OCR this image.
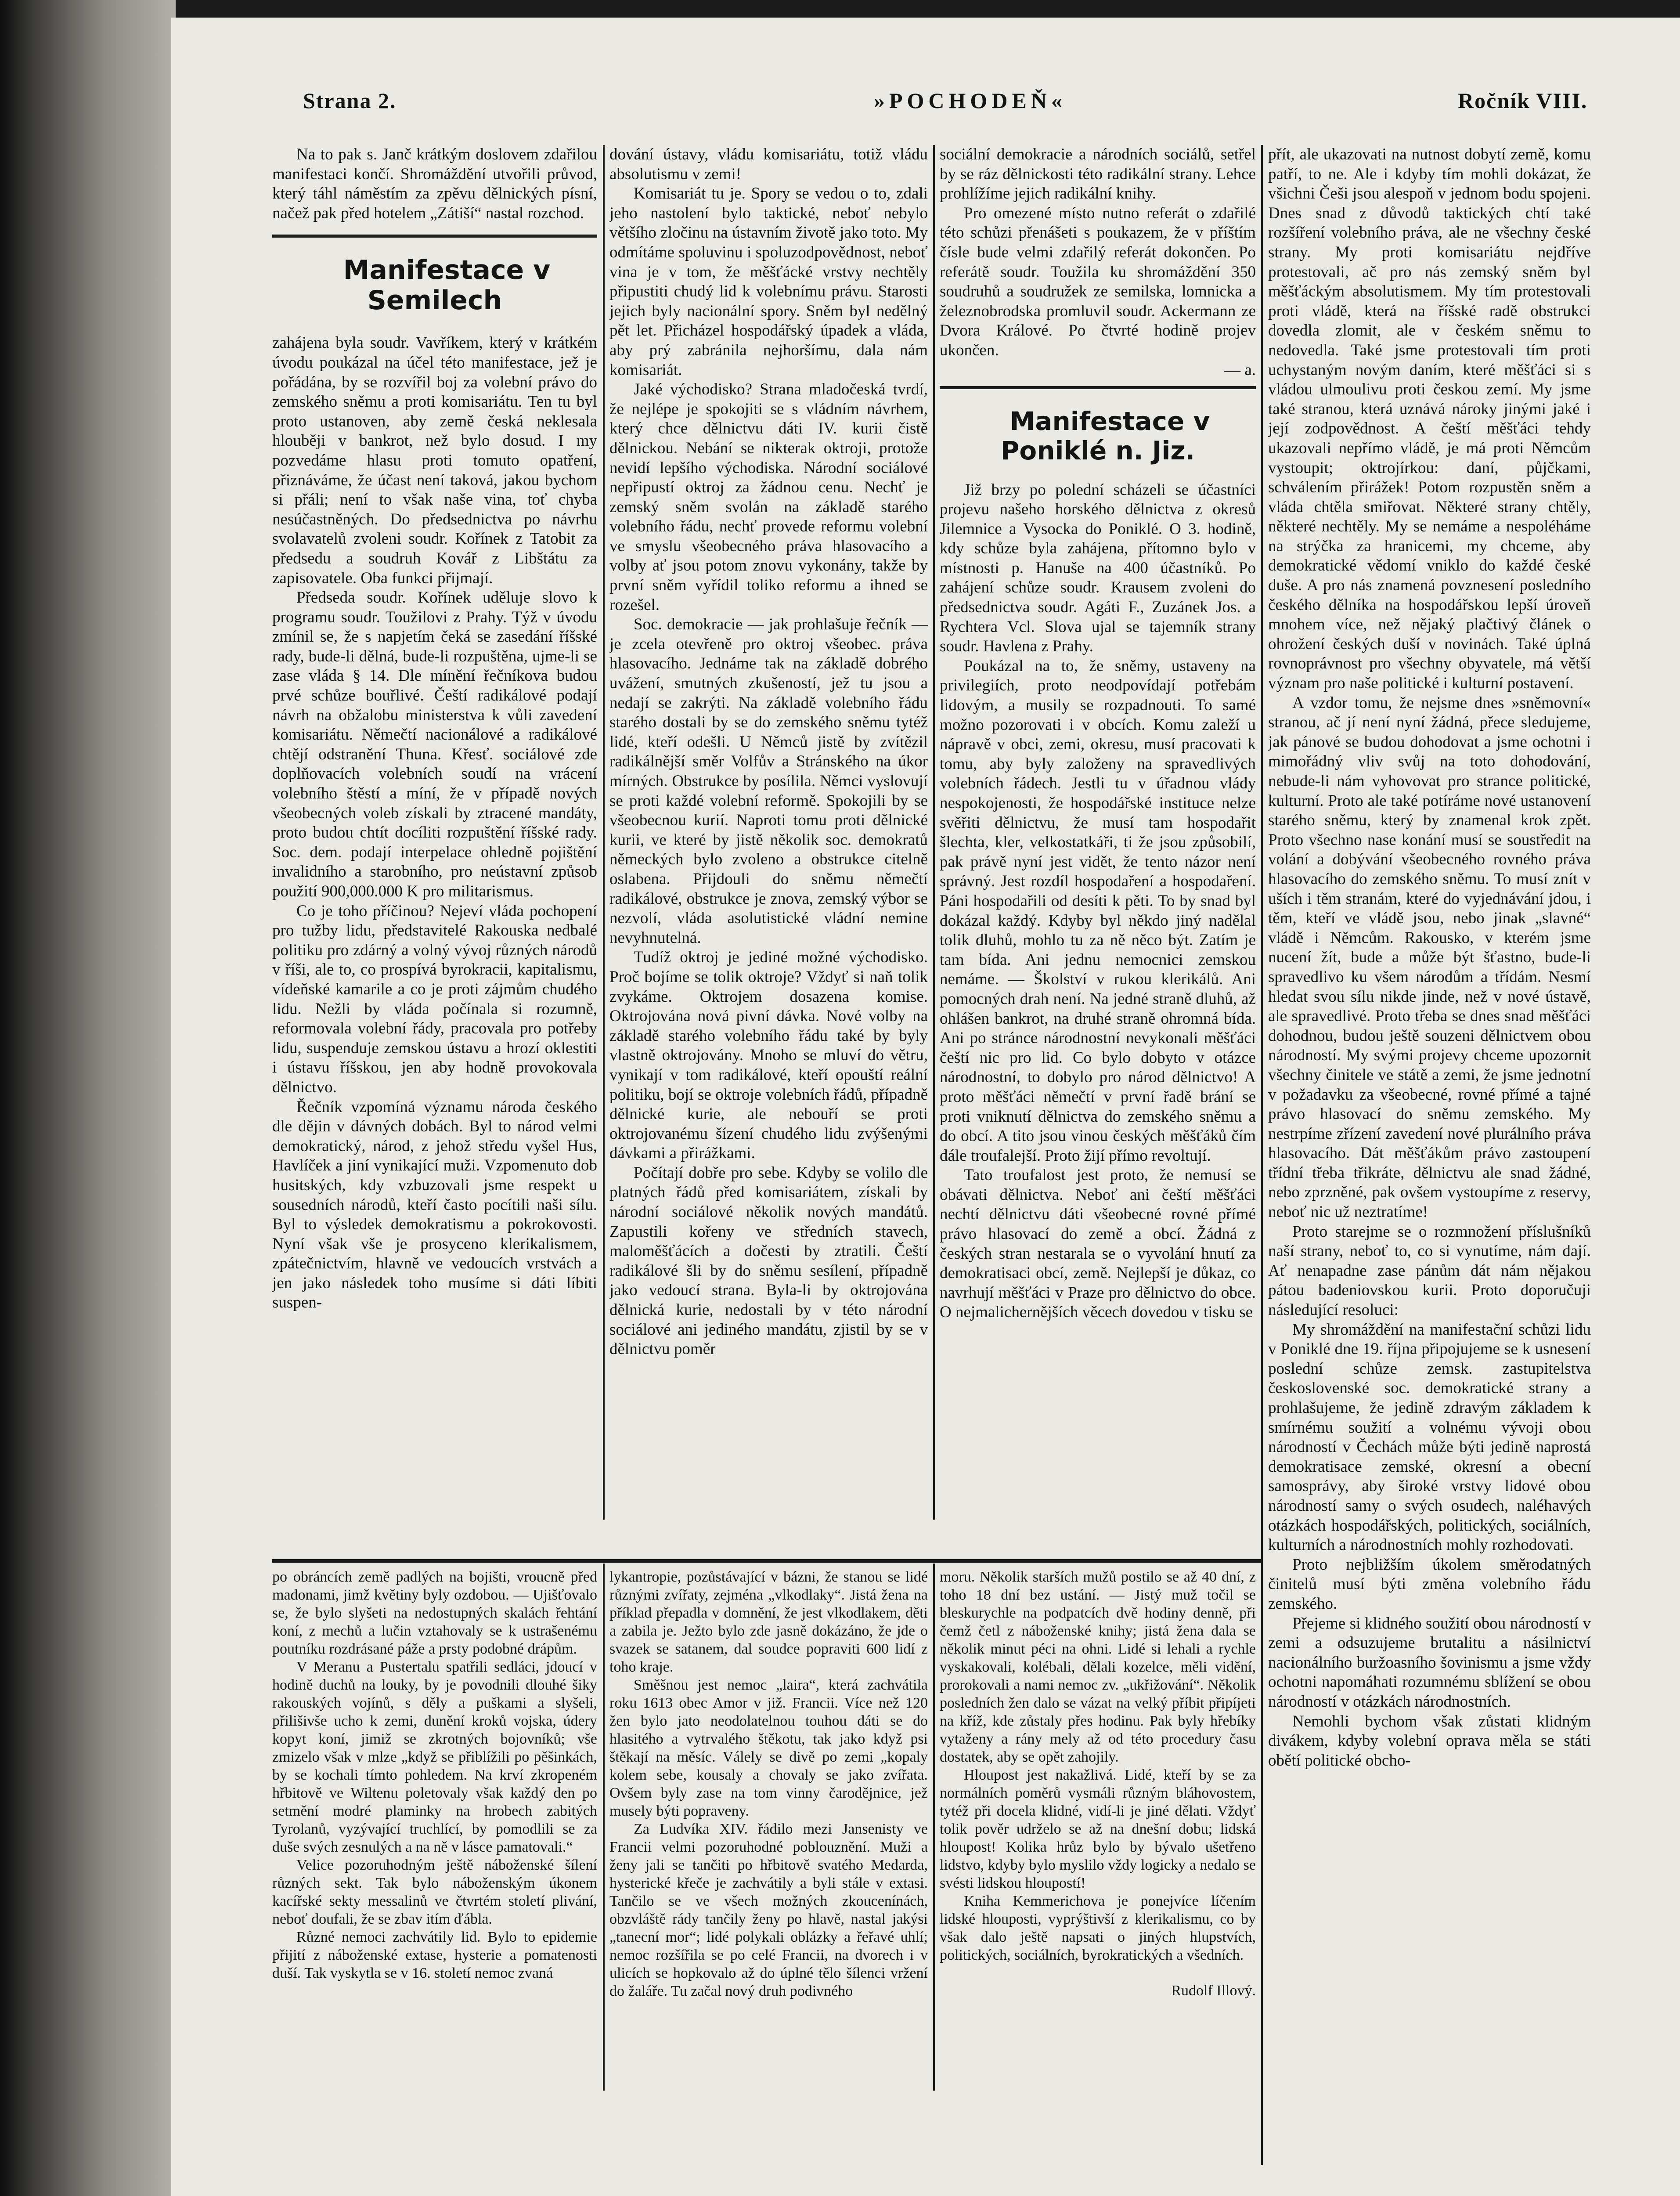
Strana 2.	»POCHODEŇ«	Ročník VIII.

Na to pak s. Janč krátkým doslovem zdařilou manifestaci končí. Shromáždění utvořili průvod, který táhl náměstím za zpěvu dělnických písní, načež pak před hotelem „Zátiší“ nastal rozchod.

Manifestace v Semilech

zahájena byla soudr. Vavříkem, který v krátkém úvodu poukázal na účel této manifestace, jež je pořádána, by se rozvířil boj za volební právo do zemského sněmu a proti komisariátu. Ten tu byl proto ustanoven, aby země česká neklesala hlouběji v bankrot, než bylo dosud. I my pozvedáme hlasu proti tomuto opatření, přiznáváme, že účast není taková, jakou bychom si přáli; není to však naše vina, toť chyba nesúčastněných. Do předsednictva po návrhu svolavatelů zvoleni soudr. Kořínek z Tatobit za předsedu a soudruh Kovář z Libštátu za zapisovatele. Oba funkci přijmají.

Předseda soudr. Kořínek uděluje slovo k programu soudr. Toužilovi z Prahy. Týž v úvodu zmínil se, že s napjetím čeká se zasedání říšské rady, bude-li dělná, bude-li rozpuštěna, ujme-li se zase vláda § 14. Dle mínění řečníkova budou prvé schůze bouřlivé. Čeští radikálové podají návrh na obžalobu ministerstva k vůli zavedení komisariátu. Němečtí nacionálové a radikálové chtějí odstranění Thuna. Křesť. sociálové zde doplňovacích volebních soudí na vrácení volebního štěstí a míní, že v případě nových všeobecných voleb získali by ztracené mandáty, proto budou chtít docíliti rozpuštění říšské rady. Soc. dem. podají interpelace ohledně pojištění invalidního a starobního, pro neústavní způsob použití 900,000.000 K pro militarismus.

Co je toho příčinou? Nejeví vláda pochopení pro tužby lidu, představitelé Rakouska nedbalé politiku pro zdárný a volný vývoj různých národů v říši, ale to, co prospívá byrokracii, kapitalismu, vídeňské kamarile a co je proti zájmům chudého lidu. Nežli by vláda počínala si rozumně, reformovala volební řády, pracovala pro potřeby lidu, suspenduje zemskou ústavu a hrozí oklestiti i ústavu říšskou, jen aby hodně provokovala dělnictvo.

Řečník vzpomíná významu národa českého dle dějin v dávných dobách. Byl to národ velmi demokratický, národ, z jehož středu vyšel Hus, Havlíček a jiní vynikající muži. Vzpomenuto dob husitských, kdy vzbuzovali jsme respekt u sousedních národů, kteří často pocítili naši sílu. Byl to výsledek demokratismu a pokrokovosti. Nyní však vše je prosyceno klerikalismem, zpátečnictvím, hlavně ve vedoucích vrstvách a jen jako následek toho musíme si dáti líbiti suspen-

dování ústavy, vládu komisariátu, totiž vládu absolutismu v zemi!

Komisariát tu je. Spory se vedou o to, zdali jeho nastolení bylo taktické, neboť nebylo většího zločinu na ústavním životě jako toto. My odmítáme spoluvinu i spoluzodpovědnost, neboť vina je v tom, že měšťácké vrstvy nechtěly připustiti chudý lid k volebnímu právu. Starosti jejich byly nacionální spory. Sněm byl nedělný pět let. Přicházel hospodářský úpadek a vláda, aby prý zabránila nejhoršímu, dala nám komisariát.

Jaké východisko? Strana mladočeská tvrdí, že nejlépe je spokojiti se s vládním návrhem, který chce dělnictvu dáti IV. kurii čistě dělnickou. Nebání se nikterak oktroji, protože nevidí lepšího východiska. Národní sociálové nepřipustí oktroj za žádnou cenu. Nechť je zemský sněm svolán na základě starého volebního řádu, nechť provede reformu volební ve smyslu všeobecného práva hlasovacího a volby ať jsou potom znovu vykonány, takže by první sněm vyřídil toliko reformu a ihned se rozešel.

Soc. demokracie — jak prohlašuje řečník — je zcela otevřeně pro oktroj všeobec. práva hlasovacího. Jednáme tak na základě dobrého uvážení, smutných zkušeností, jež tu jsou a nedají se zakrýti. Na základě volebního řádu starého dostali by se do zemského sněmu tytéž lidé, kteří odešli. U Němců jistě by zvítězil radikálnější směr Volfův a Stránského na úkor mírných. Obstrukce by posílila. Němci vyslovují se proti každé volební reformě. Spokojili by se všeobecnou kurií. Naproti tomu proti dělnické kurii, ve které by jistě několik soc. demokratů německých bylo zvoleno a obstrukce citelně oslabena. Přijdouli do sněmu němečtí radikálové, obstrukce je znova, zemský výbor se nezvolí, vláda asolutistické vládní nemine nevyhnutelná.

Tudíž oktroj je jediné možné východisko. Proč bojíme se tolik oktroje? Vždyť si naň tolik zvykáme. Oktrojem dosazena komise. Oktrojována nová pivní dávka. Nové volby na základě starého volebního řádu také by byly vlastně oktrojovány. Mnoho se mluví do větru, vynikají v tom radikálové, kteří opouští reální politiku, bojí se oktroje volebních řádů, případně dělnické kurie, ale nebouří se proti oktrojovanému šízení chudého lidu zvýšenými dávkami a přirážkami.

Počítají dobře pro sebe. Kdyby se volilo dle platných řádů před komisariátem, získali by národní sociálové několik nových mandátů. Zapustili kořeny ve středních stavech, maloměšťácích a dočesti by ztratili. Čeští radikálové šli by do sněmu sesílení, případně jako vedoucí strana. Byla-li by oktrojována dělnická kurie, nedostali by v této národní sociálové ani jediného mandátu, zjistil by se v dělnictvu poměr

sociální demokracie a národních sociálů, setřel by se ráz dělnickosti této radikální strany. Lehce prohlížíme jejich radikální knihy.

Pro omezené místo nutno referát o zdařilé této schůzi přenášeti s poukazem, že v příštím čísle bude velmi zdařilý referát dokončen. Po referátě soudr. Toužila ku shromáždění 350 soudruhů a soudružek ze semilska, lomnicka a železnobrodska promluvil soudr. Ackermann ze Dvora Králové. Po čtvrté hodině projev ukončen.

— a.

Manifestace v Poniklé n. Jiz.

Již brzy po polední scházeli se účastníci projevu našeho horského dělnictva z okresů Jilemnice a Vysocka do Poniklé. O 3. hodině, kdy schůze byla zahájena, přítomno bylo v místnosti p. Hanuše na 400 účastníků. Po zahájení schůze soudr. Krausem zvoleni do předsednictva soudr. Agáti F., Zuzánek Jos. a Rychtera Vcl. Slova ujal se tajemník strany soudr. Havlena z Prahy.

Poukázal na to, že sněmy, ustaveny na privilegiích, proto neodpovídají potřebám lidovým, a musily se rozpadnouti. To samé možno pozorovati i v obcích. Komu zaleží u nápravě v obci, zemi, okresu, musí pracovati k tomu, aby byly založeny na spravedlivých volebních řádech. Jestli tu v úřadnou vlády nespokojenosti, že hospodářské instituce nelze svěřiti dělnictvu, že musí tam hospodařit šlechta, kler, velkostatkáři, ti že jsou způsobilí, pak právě nyní jest vidět, že tento názor není správný. Jest rozdíl hospodaření a hospodaření. Páni hospodařili od desíti k pěti. To by snad byl dokázal každý. Kdyby byl někdo jiný nadělal tolik dluhů, mohlo tu za ně něco být. Zatím je tam bída. Ani jednu nemocnici zemskou nemáme. — Školství v rukou klerikálů. Ani pomocných drah není. Na jedné straně dluhů, až ohlášen bankrot, na druhé straně ohromná bída. Ani po stránce národnostní nevykonali měšťáci čeští nic pro lid. Co bylo dobyto v otázce národnostní, to dobylo pro národ dělnictvo! A proto měšťáci němečtí v první řadě brání se proti vniknutí dělnictva do zemského sněmu a do obcí. A tito jsou vinou českých měšťáků čím dále troufalejší. Proto žijí přímo revoltují.

Tato troufalost jest proto, že nemusí se obávati dělnictva. Neboť ani čeští měšťáci nechtí dělnictvu dáti všeobecné rovné přímé právo hlasovací do země a obcí. Žádná z českých stran nestarala se o vyvolání hnutí za demokratisaci obcí, země. Nejlepší je důkaz, co navrhují měšťáci v Praze pro dělnictvo do obce. O nejmalichernějších věcech dovedou v tisku se

přít, ale ukazovati na nutnost dobytí země, komu patří, to ne. Ale i kdyby tím mohli dokázat, že všichni Češi jsou alespoň v jednom bodu spojeni. Dnes snad z důvodů taktických chtí také rozšíření volebního práva, ale ne všechny české strany. My proti komisariátu nejdříve protestovali, ač pro nás zemský sněm byl měšťáckým absolutismem. My tím protestovali proti vládě, která na říšské radě obstrukci dovedla zlomit, ale v českém sněmu to nedovedla. Také jsme protestovali tím proti uchystaným novým daním, které měšťáci si s vládou ulmoulivu proti českou zemí. My jsme také stranou, která uznává nároky jinými jaké i její zodpovědnost. A čeští měšťáci tehdy ukazovali nepřímo vládě, je má proti Němcům vystoupit; oktrojírkou: daní, půjčkami, schválením přirážek! Potom rozpustěn sněm a vláda chtěla smiřovat. Některé strany chtěly, některé nechtěly. My se nemáme a nespoléháme na strýčka za hranicemi, my chceme, aby demokratické vědomí vniklo do každé české duše. A pro nás znamená povznesení posledního českého dělníka na hospodářskou lepší úroveň mnohem více, než nějaký plačtivý článek o ohrožení českých duší v novinách. Také úplná rovnoprávnost pro všechny obyvatele, má větší význam pro naše politické i kulturní postavení.

A vzdor tomu, že nejsme dnes »sněmovní« stranou, ač jí není nyní žádná, přece sledujeme, jak pánové se budou dohodovat a jsme ochotni i mimořádný vliv svůj na toto dohodování, nebude-li nám vyhovovat pro strance politické, kulturní. Proto ale také potíráme nové ustanovení starého sněmu, který by znamenal krok zpět. Proto všechno nase konání musí se soustředit na volání a dobývání všeobecného rovného práva hlasovacího do zemského sněmu. To musí znít v uších i těm stranám, které do vyjednávání jdou, i těm, kteří ve vládě jsou, nebo jinak „slavné“ vládě i Němcům. Rakousko, v kterém jsme nucení žít, bude a může být šťastno, bude-li spravedlivo ku všem národům a třídám. Nesmí hledat svou sílu nikde jinde, než v nové ústavě, ale spravedlivé. Proto třeba se dnes snad měšťáci dohodnou, budou ještě souzeni dělnictvem obou národností. My svými projevy chceme upozornit všechny činitele ve státě a zemi, že jsme jednotní v požadavku za všeobecné, rovné přímé a tajné právo hlasovací do sněmu zemského. My nestrpíme zřízení zavedení nové plurálního práva hlasovacího. Dát měšťákům právo zastoupení třídní třeba třikráte, dělnictvu ale snad žádné, nebo zprzněné, pak ovšem vystoupíme z reservy, neboť nic už neztratíme!

Proto starejme se o rozmnožení příslušníků naší strany, neboť to, co si vynutíme, nám dají. Ať nenapadne zase pánům dát nám nějakou pátou badeniovskou kurii. Proto doporučuji následující resoluci:

My shromáždění na manifestační schůzi lidu v Poniklé dne 19. října připojujeme se k usnesení poslední schůze zemsk. zastupitelstva československé soc. demokratické strany a prohlašujeme, že jedině zdravým základem k smírnému soužití a volnému vývoji obou národností v Čechách může býti jedině naprostá demokratisace zemské, okresní a obecní samosprávy, aby široké vrstvy lidové obou národností samy o svých osudech, naléhavých otázkách hospodářských, politických, sociálních, kulturních a národnostních mohly rozhodovati.

Proto nejbližším úkolem směrodatných činitelů musí býti změna volebního řádu zemského.

Přejeme si klidného soužití obou národností v zemi a odsuzujeme brutalitu a násilnictví nacionálního buržoasního šovinismu a jsme vždy ochotni napomáhati rozumnému sblížení se obou národností v otázkách národnostních.

Nemohli bychom však zůstati klidným divákem, kdyby volební oprava měla se státi obětí politické obcho-

po obráncích země padlých na bojišti, vroucně před madonami, jimž květiny byly ozdobou. — Ujišťovalo se, že bylo slyšeti na nedostupných skalách řehtání koní, z mechů a lučin vztahovaly se k ustrašenému poutníku rozdrásané páže a prsty podobné drápům.

V Meranu a Pustertalu spatřili sedláci, jdoucí v hodině duchů na louky, by je povodnili dlouhé šiky rakouských vojínů, s děly a puškami a slyšeli, přilišivše ucho k zemi, dunění kroků vojska, údery kopyt koní, jimiž se zkrotných bojovníků; vše zmizelo však v mlze „když se přiblížili po pěšinkách, by se kochali tímto pohledem. Na krví zkropeném hřbitově ve Wiltenu poletovaly však každý den po setmění modré plaminky na hrobech zabitých Tyrolanů, vyzývající truchlící, by pomodlili se za duše svých zesnulých a na ně v lásce pamatovali.“

Velice pozoruhodným ještě náboženské šílení různých sekt. Tak bylo náboženským úkonem kacířské sekty messalinů ve čtvrtém století plivání, neboť doufali, že se zbav itím ďábla.

Různé nemoci zachvátily lid. Bylo to epidemie přijití z náboženské extase, hysterie a pomatenosti duší. Tak vyskytla se v 16. století nemoc zvaná

lykantropie, pozůstávající v bázni, že stanou se lidé různými zvířaty, zejména „vlkodlaky“. Jistá žena na příklad přepadla v domnění, že jest vlkodlakem, děti a zabila je. Ježto bylo zde jasně dokázáno, že jde o svazek se satanem, dal soudce popraviti 600 lidí z toho kraje.

Směšnou jest nemoc „laira“, která zachvátila roku 1613 obec Amor v již. Francii. Více než 120 žen bylo jato neodolatelnou touhou dáti se do hlasitého a vytrvalého štěkotu, tak jako když psi štěkají na měsíc. Válely se divě po zemi „kopaly kolem sebe, kousaly a chovaly se jako zvířata. Ovšem byly zase na tom vinny čarodějnice, jež musely býti popraveny.

Za Ludvíka XIV. řádilo mezi Jansenisty ve Francii velmi pozoruhodné poblouznění. Muži a ženy jali se tančiti po hřbitově svatého Medarda, hysterické křeče je zachvátily a byli stále v extasi. Tančilo se ve všech možných zkoucenínách, obzvláště rády tančily ženy po hlavě, nastal jakýsi „tanecní mor“; lidé polykali oblázky a řeřavé uhlí; nemoc rozšířila se po celé Francii, na dvorech i v ulicích se hopkovalo až do úplné tělo šílenci vržení do žaláře. Tu začal nový druh podivného

moru. Několik starších mužů postilo se až 40 dní, z toho 18 dní bez ustání. — Jistý muž točil se bleskurychle na podpatcích dvě hodiny denně, při čemž četl z náboženské knihy; jistá žena dala se několik minut péci na ohni. Lidé si lehali a rychle vyskakovali, kolébali, dělali kozelce, měli vidění, prorokovali a nami nemoc zv. „ukřižování“. Několik posledních žen dalo se vázat na velký příbit připíjeti na kříž, kde zůstaly přes hodinu. Pak byly hřebíky vytaženy a rány mely až od této procedury času dostatek, aby se opět zahojily.

Hloupost jest nakažlivá. Lidé, kteří by se za normálních poměrů vysmáli různým bláhovostem, tytéž při docela klidné, vidí-li je jiné dělati. Vždyť tolik pověr udrželo se až na dnešní dobu; lidská hloupost! Kolika hrůz bylo by bývalo ušetřeno lidstvo, kdyby bylo myslilo vždy logicky a nedalo se svésti lidskou hloupostí!

Kniha Kemmerichova je ponejvíce líčením lidské hlouposti, vyprýštivší z klerikalismu, co by však dalo ještě napsati o jiných hlupstvích, politických, sociálních, byrokratických a všedních.

Rudolf Illový.
